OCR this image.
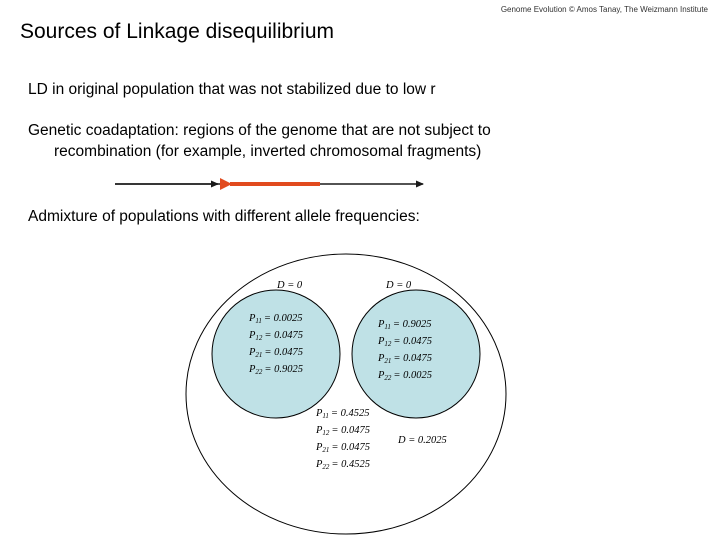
Genome Evolution © Amos Tanay, The Weizmann Institute
Sources of Linkage disequilibrium
LD in original population that was not stabilized due to low r
Genetic coadaptation: regions of the genome that are not subject to
recombination (for example, inverted chromosomal fragments)
Admixture of populations with different allele frequencies:
D = 0
P11 = 0.0025
P12 = 0.0475
P21 = 0.0475
P22 = 0.9025
D = 0
P11 = 0.9025
P12 = 0.0475
P21 = 0.0475
P22 = 0.0025
P11 = 0.4525
P12 = 0.0475
P21 = 0.0475
P22 = 0.4525
D = 0.2025
